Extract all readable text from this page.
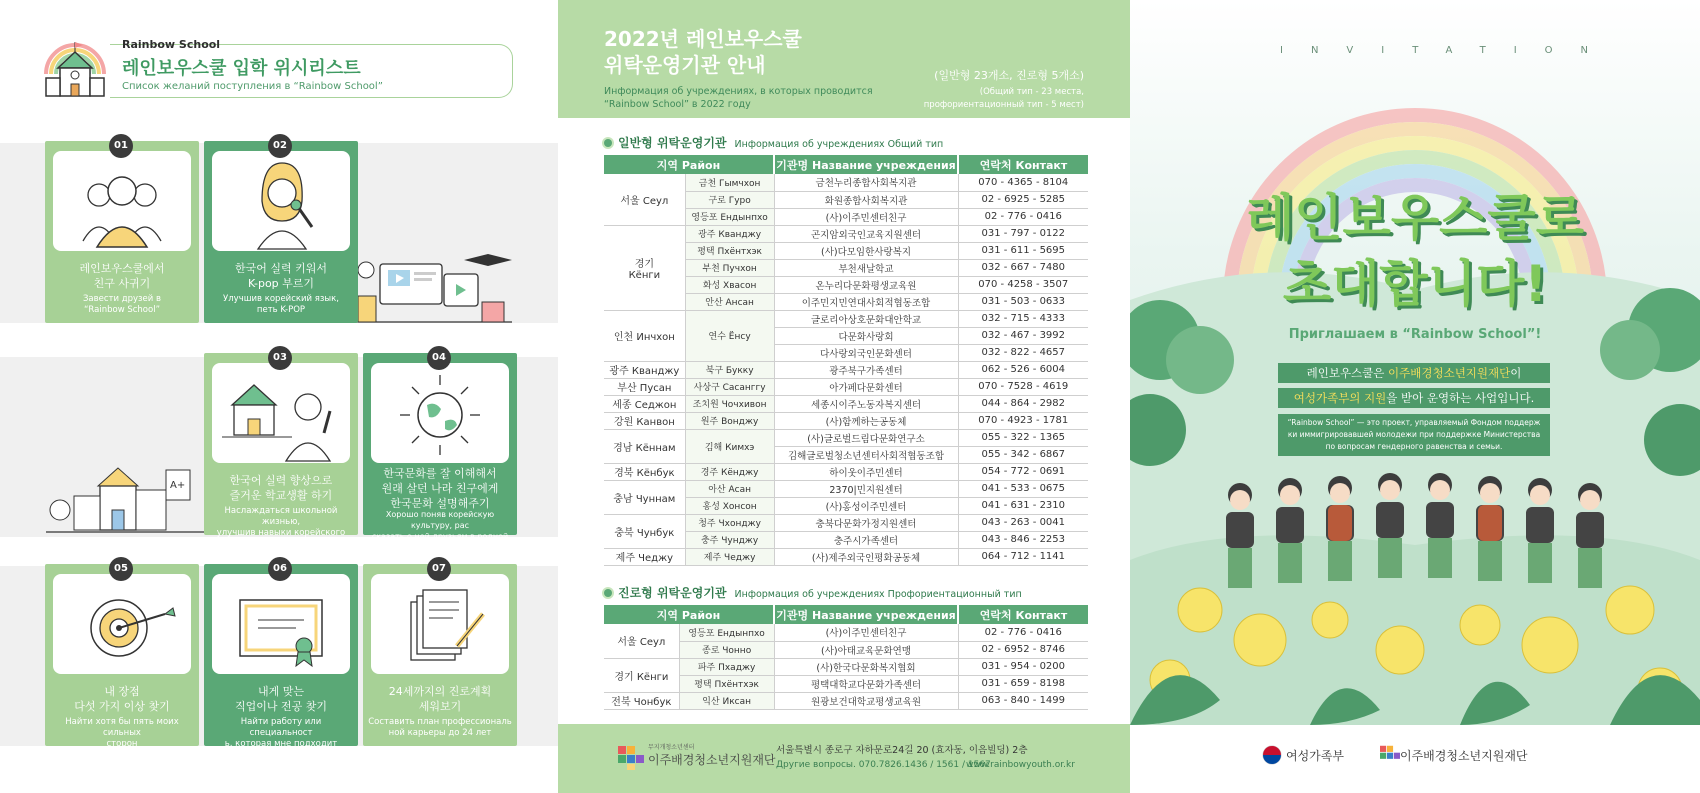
Rainbow School
레인보우스쿨 입학 위시리스트
Список желаний поступления в “Rainbow School”
A+
01
레인보우스쿨에서
친구 사귀기
Завести друзей в
“Rainbow School”
02
한국어 실력 키워서
K-pop 부르기
Улучшив корейский язык,
петь K-POP
03
한국어 실력 향상으로
즐거운 학교생활 하기
Наслаждаться школьной жизнью,
улучшив навыки корейского языка
04
한국문화를 잘 이해해서
원래 살던 나라 친구에게
한국문화 설명해주기
Хорошо поняв корейскую культуру, рас
сказать о ней друзьям в родной стране
05
내 장점
다섯 가지 이상 찾기
Найти хотя бы пять моих сильных
сторон
06
내게 맞는
직업이나 전공 찾기
Найти работу или специальност
ь, которая мне подходит
07
24세까지의 진로계획
세워보기
Составить план профессиональ
ной карьеры до 24 лет
2022년 레인보우스쿨
위탁운영기관 안내
Информация об учреждениях, в которых проводится
“Rainbow School” в 2022 году
(일반형 23개소, 진로형 5개소)
(Общий тип - 23 места,
профориентационный тип - 5 мест)
일반형 위탁운영기관 Информация об учреждениях Общий тип
지역 Район		기관명 Название учреждения	연락처 Контакт
서울 Сеул	금천 Гымчхон	금천누리종합사회복지관	070 - 4365 - 8104
	구로 Гуро	화원종합사회복지관	02 - 6925 - 5285
	영등포 Ендынпхо	(사)이주민센터친구	02 - 776 - 0416
경기
Кёнги	광주 Кванджу	곤지암외국인교육지원센터	031 - 797 - 0122
	평택 Пхёнтхэк	(사)다모임한사랑복지	031 - 611 - 5695
	부천 Пучхон	부천새날학교	032 - 667 - 7480
	화성 Хвасон	온누리다문화평생교육원	070 - 4258 - 3507
	안산 Ансан	이주민지민연대사회적협동조합	031 - 503 - 0633
인천 Инчхон	연수 Ёнсу	글로리아상호문화대안학교	032 - 715 - 4333
		다문화사랑회	032 - 467 - 3992
		다사랑외국인문화센터	032 - 822 - 4657
광주 Кванджу	북구 Букку	광주북구가족센터	062 - 526 - 6004
부산 Пусан	사상구 Сасанггу	아가페다문화센터	070 - 7528 - 4619
세종 Седжон	조치원 Чочхивон	세종시이주노동자복지센터	044 - 864 - 2982
강원 Канвон	원주 Вонджу	(사)함께하는공동체	070 - 4923 - 1781
경남 Кённам	김해 Кимхэ	(사)글로벌드림다문화연구소	055 - 322 - 1365
		김해글로벌청소년센터사회적협동조합	055 - 342 - 6867
경북 Кёнбук	경주 Кёнджу	하이웃이주민센터	054 - 772 - 0691
충남 Чуннам	아산 Асан	2370|민지원센터	041 - 533 - 0675
	홍성 Хонсон	(사)홍성이주민센터	041 - 631 - 2310
충북 Чунбук	청주 Чхонджу	충북다문화가정지원센터	043 - 263 - 0041
	충주 Чунджу	충주시가족센터	043 - 846 - 2253
제주 Чеджу	제주 Чеджу	(사)제주외국인평화공동체	064 - 712 - 1141
진로형 위탁운영기관 Информация об учреждениях Профориентационный тип
지역 Район		기관명 Название учреждения	연락처 Контакт
서울 Сеул	영등포 Ендынпхо	(사)이주민센터친구	02 - 776 - 0416
	종로 Чонно	(사)아태교육문화연맹	02 - 6952 - 8746
경기 Кёнги	파주 Пхаджу	(사)한국다문화복지협회	031 - 954 - 0200
	평택 Пхёнтхэк	평택대학교다문화가족센터	031 - 659 - 8198
전북 Чонбук	익산 Иксан	원광보건대학교평생교육원	063 - 840 - 1499
무지개청소년센터
이주배경청소년지원재단
서울특별시 종로구 자하문로24길 20 (효자동, 이음빌딩) 2층
Другие вопросы. 070.7826.1436 / 1561 / 1567
www.rainbowyouth.or.kr
INVITATION
레인보우스쿨로
초대합니다!
Приглашаем в “Rainbow School”!
레인보우스쿨은 이주배경청소년지원재단이
여성가족부의 지원을 받아 운영하는 사업입니다.
“Rainbow School” — это проект, управляемый Фондом поддерж
ки иммигрировавшей молодежи при поддержке Министерства
по вопросам гендерного равенства и семьи.
여성가족부	이주배경청소년지원재단
